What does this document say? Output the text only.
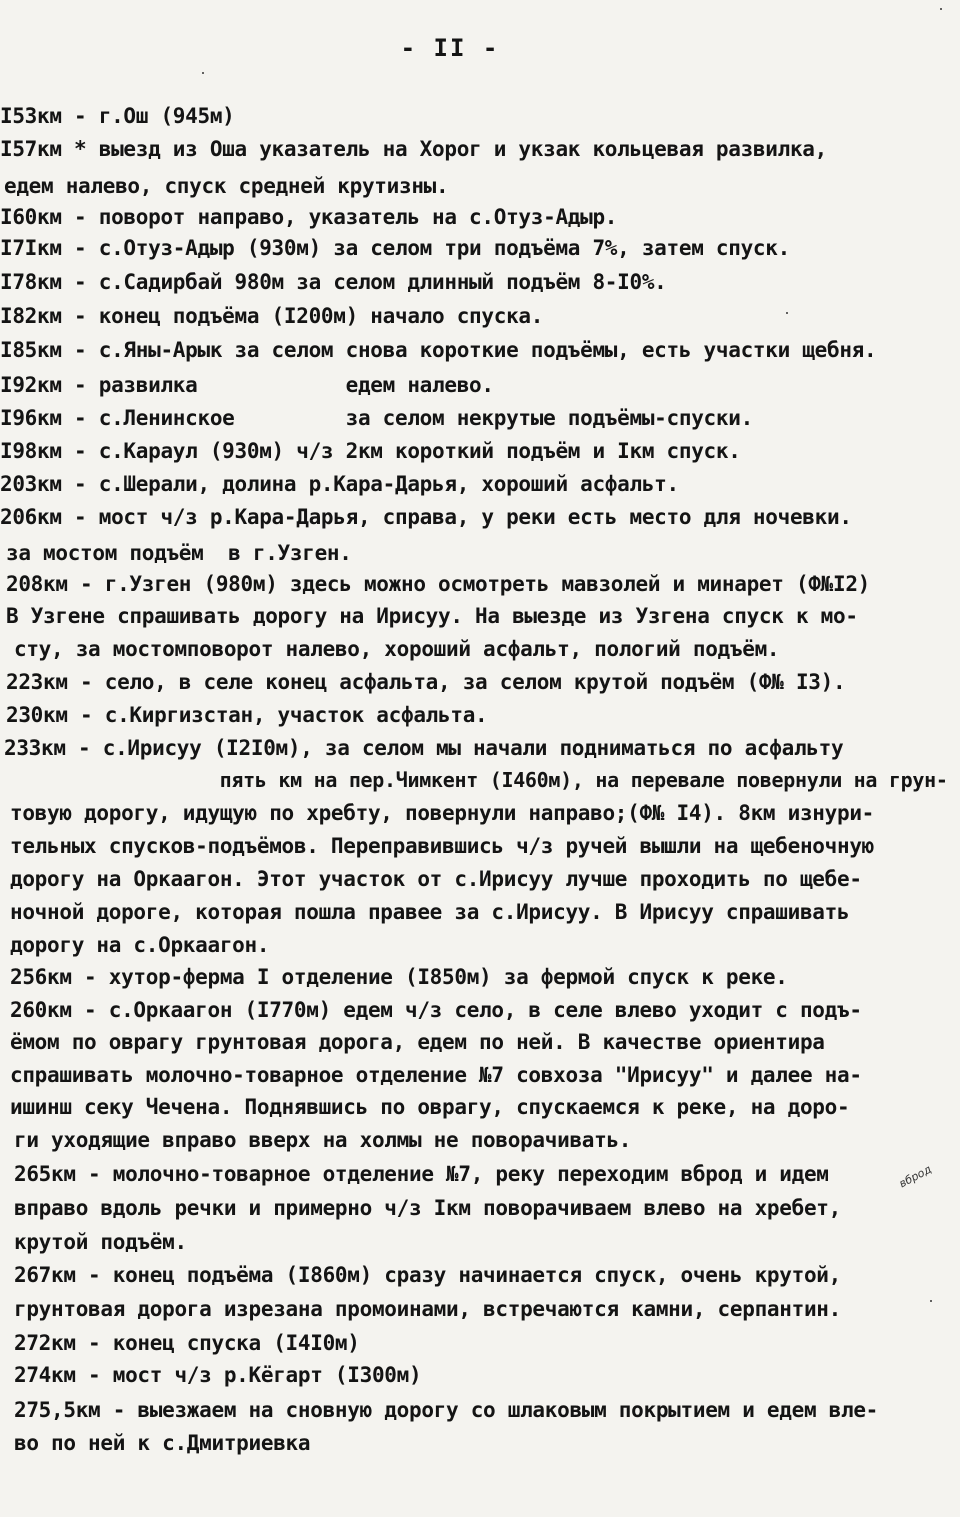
- II -
I53км - г.Ош (945м)
I57км * выезд из Оша указатель на Хорог и укзак кольцевая развилка,
едем налево, спуск средней крутизны.
I60км - поворот направо, указатель на с.Отуз-Адыр.
I7Iкм - с.Отуз-Адыр (930м) за селом три подъёма 7%, затем спуск.
I78км - с.Садирбай 980м за селом длинный подъём 8-I0%.
I82км - конец подъёма (I200м) начало спуска.
I85км - с.Яны-Арык за селом снова короткие подъёмы, есть участки щебня.
I92км - развилка            едем налево.
I96км - с.Ленинское         за селом некрутые подъёмы-спуски.
I98км - с.Караул (930м) ч/з 2км короткий подъём и Iкм спуск.
203км - с.Шерали, долина р.Кара-Дарья, хороший асфальт.
206км - мост ч/з р.Кара-Дарья, справа, у реки есть место для ночевки.
за мостом подъём  в г.Узген.
208км - г.Узген (980м) здесь можно осмотреть мавзолей и минарет (Ф№I2)
В Узгене спрашивать дорогу на Ирисуу. На выезде из Узгена спуск к мо-
сту, за мостомповорот налево, хороший асфальт, пологий подъём.
223км - село, в селе конец асфальта, за селом крутой подъём (Ф№ I3).
230км - с.Киргизстан, участок асфальта.
233км - с.Ирисуу (I2I0м), за селом мы начали подниматься по асфальту
пять км на пер.Чимкент (I460м), на перевале повернули на грун-
товую дорогу, идущую по хребту, повернули направо;(Ф№ I4). 8км изнури-
тельных спусков-подъёмов. Переправившись ч/з ручей вышли на щебеночную
дорогу на Оркаагон. Этот участок от с.Ирисуу лучше проходить по щебе-
ночной дороге, которая пошла правее за с.Ирисуу. В Ирисуу спрашивать
дорогу на с.Оркаагон.
256км - хутор-ферма I отделение (I850м) за фермой спуск к реке.
260км - с.Оркаагон (I770м) едем ч/з село, в селе влево уходит с подъ-
ёмом по оврагу грунтовая дорога, едем по ней. В качестве ориентира
спрашивать молочно-товарное отделение №7 совхоза "Ирисуу" и далее на-
ишинш секу Чечена. Поднявшись по оврагу, спускаемся к реке, на доро-
ги уходящие вправо вверх на холмы не поворачивать.
265км - молочно-товарное отделение №7, реку переходим вброд и идем
вправо вдоль речки и примерно ч/з Iкм поворачиваем влево на хребет,
крутой подъём.
267км - конец подъёма (I860м) сразу начинается спуск, очень крутой,
грунтовая дорога изрезана промоинами, встречаются камни, серпантин.
272км - конец спуска (I4I0м)
274км - мост ч/з р.Кёгарт (I300м)
275,5км - выезжаем на сновную дорогу со шлаковым покрытием и едем вле-
во по ней к с.Дмитриевка
вброд
